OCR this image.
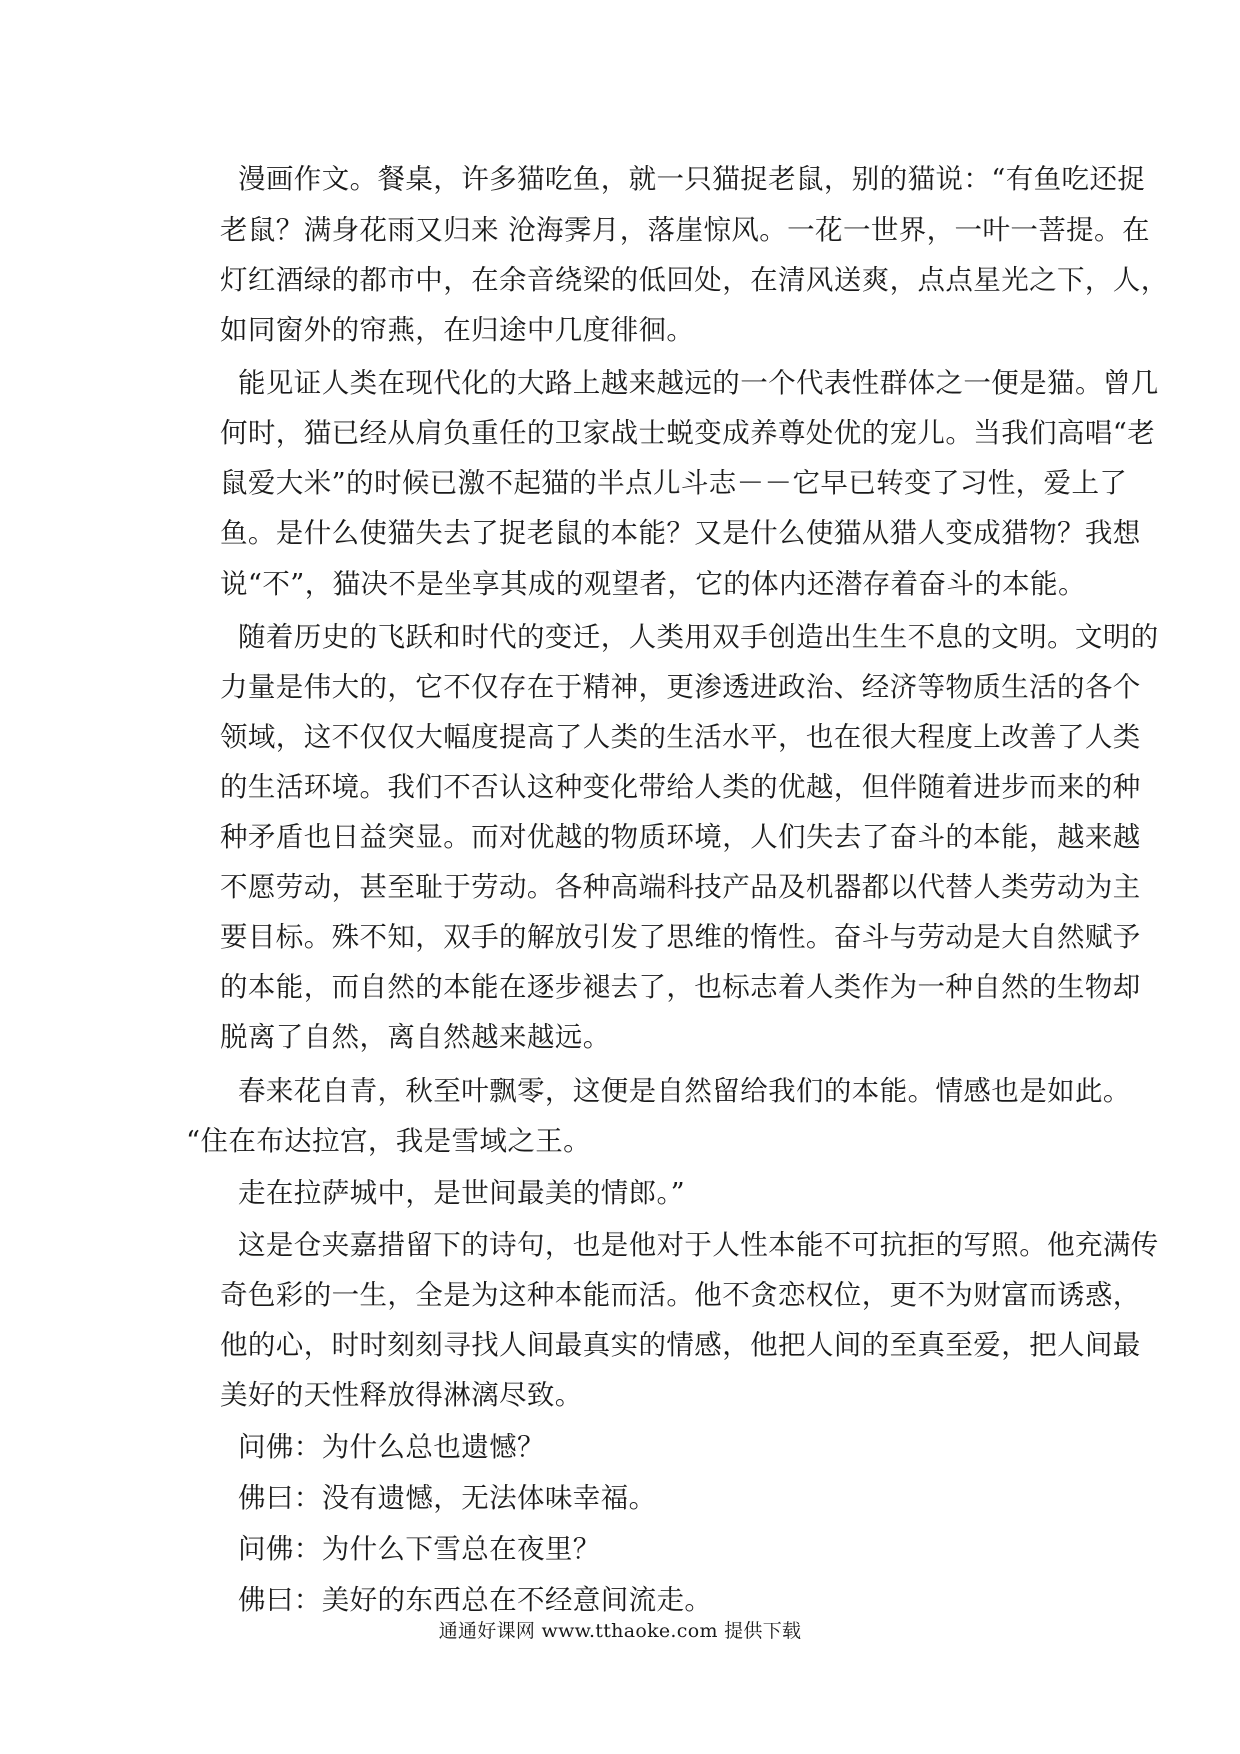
漫画作文。餐桌，许多猫吃鱼，就一只猫捉老鼠，别的猫说：“有鱼吃还捉
老鼠？满身花雨又归来 沧海霁月，落崖惊风。一花一世界，一叶一菩提。在
灯红酒绿的都市中，在余音绕梁的低回处，在清风送爽，点点星光之下，人，
如同窗外的帘燕，在归途中几度徘徊。
能见证人类在现代化的大路上越来越远的一个代表性群体之一便是猫。曾几
何时，猫已经从肩负重任的卫家战士蜕变成养尊处优的宠儿。当我们高唱“老
鼠爱大米”的时候已激不起猫的半点儿斗志－－它早已转变了习性，爱上了
鱼。是什么使猫失去了捉老鼠的本能？又是什么使猫从猎人变成猎物？我想
说“不”，猫决不是坐享其成的观望者，它的体内还潜存着奋斗的本能。
随着历史的飞跃和时代的变迁，人类用双手创造出生生不息的文明。文明的
力量是伟大的，它不仅存在于精神，更渗透进政治、经济等物质生活的各个
领域，这不仅仅大幅度提高了人类的生活水平，也在很大程度上改善了人类
的生活环境。我们不否认这种变化带给人类的优越，但伴随着进步而来的种
种矛盾也日益突显。而对优越的物质环境，人们失去了奋斗的本能，越来越
不愿劳动，甚至耻于劳动。各种高端科技产品及机器都以代替人类劳动为主
要目标。殊不知，双手的解放引发了思维的惰性。奋斗与劳动是大自然赋予
的本能，而自然的本能在逐步褪去了，也标志着人类作为一种自然的生物却
脱离了自然，离自然越来越远。
春来花自青，秋至叶飘零，这便是自然留给我们的本能。情感也是如此。
“住在布达拉宫，我是雪域之王。
走在拉萨城中，是世间最美的情郎。”
这是仓夹嘉措留下的诗句，也是他对于人性本能不可抗拒的写照。他充满传
奇色彩的一生，全是为这种本能而活。他不贪恋权位，更不为财富而诱惑，
他的心，时时刻刻寻找人间最真实的情感，他把人间的至真至爱，把人间最
美好的天性释放得淋漓尽致。
问佛：为什么总也遗憾？
佛曰：没有遗憾，无法体味幸福。
问佛：为什么下雪总在夜里？
佛曰：美好的东西总在不经意间流走。
通通好课网 www.tthaoke.com 提供下载
